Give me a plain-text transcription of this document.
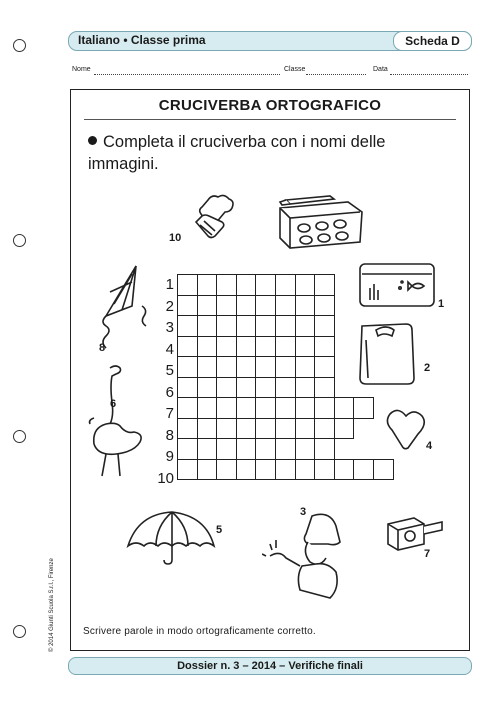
Italiano • Classe prima	Scheda D
Nome	Classe	Data
CRUCIVERBA ORTOGRAFICO
Completa il cruciverba con i nomi delle immagini.
1
2
3
4
5
6
7
8
9
10
10
1
8
2
6
4
5
3
7
Scrivere parole in modo ortograficamente corretto.
© 2014 Giunti Scuola S.r.l., Firenze
Dossier n. 3 – 2014 – Verifiche finali
